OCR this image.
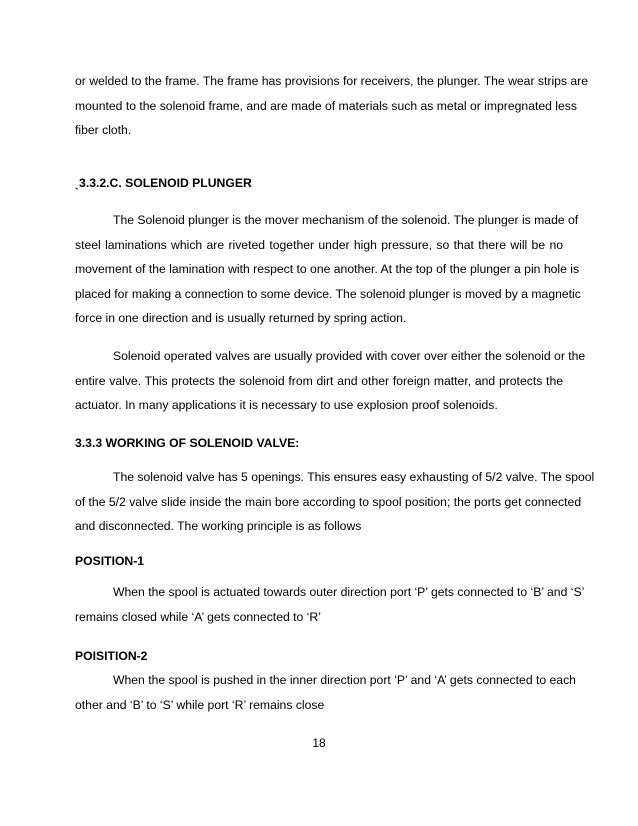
or welded to the frame. The frame has provisions for receivers, the plunger. The wear strips are
mounted to the solenoid frame, and are made of materials such as metal or impregnated less
fiber cloth.

ˎ3.3.2.C. SOLENOID PLUNGER

The Solenoid plunger is the mover mechanism of the solenoid. The plunger is made of
steel laminations which are riveted together under high pressure, so that there will be no
movement of the lamination with respect to one another. At the top of the plunger a pin hole is
placed for making a connection to some device. The solenoid plunger is moved by a magnetic
force in one direction and is usually returned by spring action.

Solenoid operated valves are usually provided with cover over either the solenoid or the
entire valve. This protects the solenoid from dirt and other foreign matter, and protects the
actuator. In many applications it is necessary to use explosion proof solenoids.

3.3.3 WORKING OF SOLENOID VALVE:

The solenoid valve has 5 openings. This ensures easy exhausting of 5/2 valve. The spool
of the 5/2 valve slide inside the main bore according to spool position; the ports get connected
and disconnected. The working principle is as follows

POSITION-1

When the spool is actuated towards outer direction port ‘P’ gets connected to ‘B’ and ‘S’
remains closed while ‘A’ gets connected to ‘R’

POISITION-2

When the spool is pushed in the inner direction port ‘P’ and ‘A’ gets connected to each
other and ‘B’ to ‘S’ while port ‘R’ remains close

18
